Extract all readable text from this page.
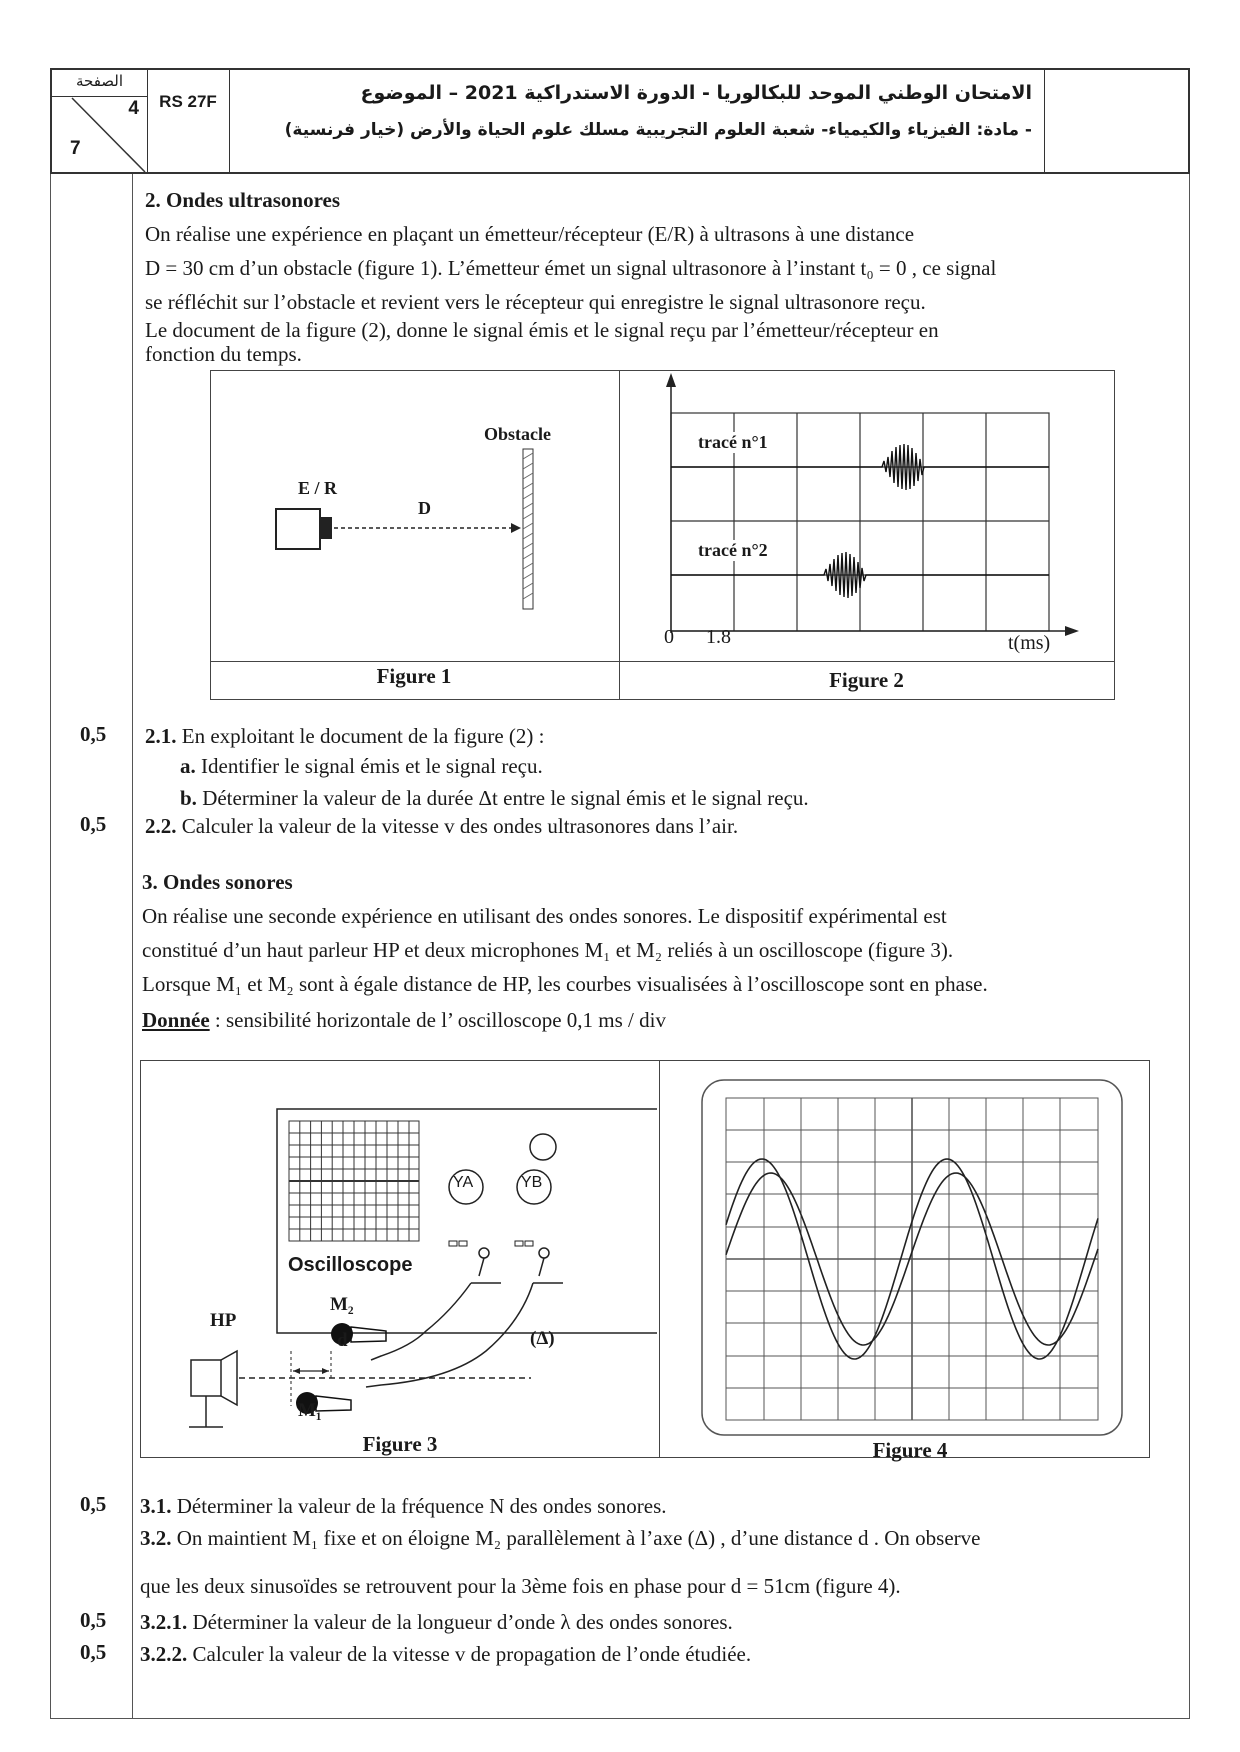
الصفحة
4
7
RS 27F	الامتحان الوطني الموحد للبكالوريا - الدورة الاستدراكية 2021 – الموضوع
- مادة: الفيزياء والكيمياء- شعبة العلوم التجريبية مسلك علوم الحياة والأرض (خيار فرنسية)
2. Ondes ultrasonores
On réalise une expérience en plaçant un émetteur/récepteur (E/R) à ultrasons à une distance
D = 30 cm d’un obstacle (figure 1). L’émetteur émet un signal ultrasonore à l’instant t₀ = 0 , ce signal
se réfléchit sur l’obstacle et revient vers le récepteur qui enregistre le signal ultrasonore reçu.
Le document de la figure (2), donne le signal émis et le signal reçu par l’émetteur/récepteur en
fonction du temps.
Obstacle
E / R
D
Figure 1
tracé n°1
tracé n°2
0 1.8	t(ms)
Figure 2
0,5 2.1. En exploitant le document de la figure (2) :
a. Identifier le signal émis et le signal reçu.
b. Déterminer la valeur de la durée Δt entre le signal émis et le signal reçu.
0,5 2.2. Calculer la valeur de la vitesse v des ondes ultrasonores dans l’air.
3. Ondes sonores
On réalise une seconde expérience en utilisant des ondes sonores. Le dispositif expérimental est
constitué d’un haut parleur HP et deux microphones M₁ et M₂ reliés à un oscilloscope (figure 3).
Lorsque M₁ et M₂ sont à égale distance de HP, les courbes visualisées à l’oscilloscope sont en phase.
Donnée : sensibilité horizontale de l’ oscilloscope 0,1 ms / div
YA	YB
Oscilloscope
HP
M₂
d	(Δ)
M₁
Figure 3	Figure 4
0,5 3.1. Déterminer la valeur de la fréquence N des ondes sonores.
3.2. On maintient M₁ fixe et on éloigne M₂ parallèlement à l’axe (Δ) , d’une distance d . On observe
que les deux sinusoïdes se retrouvent pour la 3ème fois en phase pour d = 51cm (figure 4).
0,5 3.2.1. Déterminer la valeur de la longueur d’onde λ des ondes sonores.
0,5 3.2.2. Calculer la valeur de la vitesse v de propagation de l’onde étudiée.
